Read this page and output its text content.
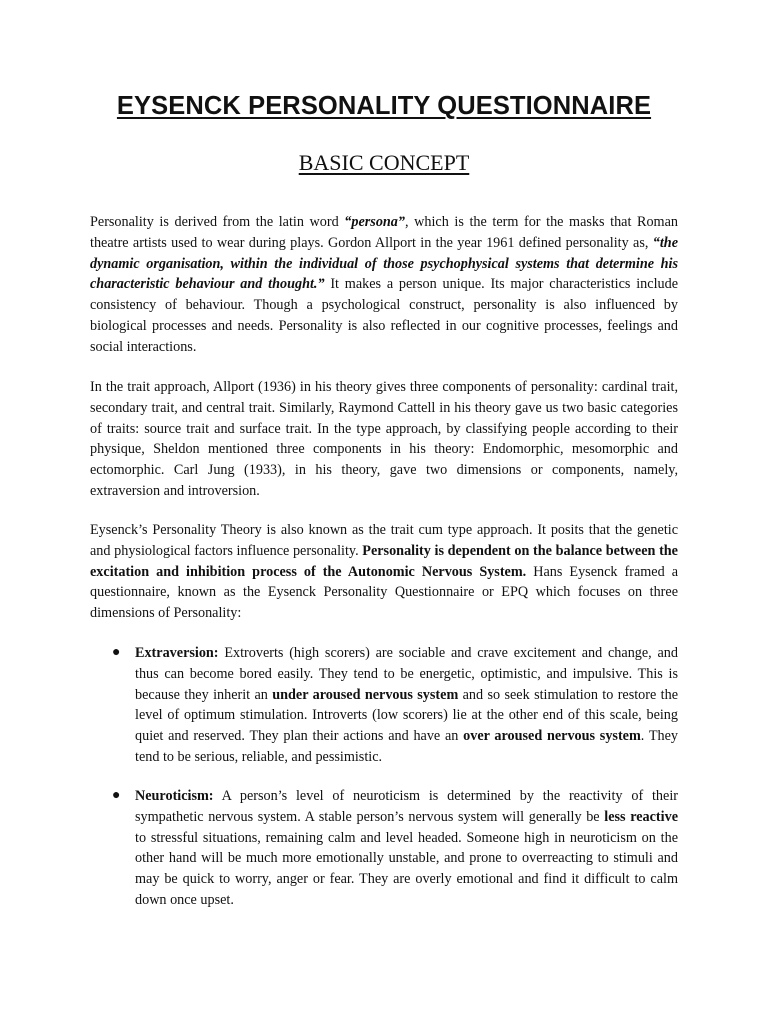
EYSENCK PERSONALITY QUESTIONNAIRE
BASIC CONCEPT

Personality is derived from the latin word “persona”, which is the term for the masks that Roman theatre artists used to wear during plays. Gordon Allport in the year 1961 defined personality as, “the dynamic organisation, within the individual of those psychophysical systems that determine his characteristic behaviour and thought.” It makes a person unique. Its major characteristics include consistency of behaviour. Though a psychological construct, personality is also influenced by biological processes and needs. Personality is also reflected in our cognitive processes, feelings and social interactions.

In the trait approach, Allport (1936) in his theory gives three components of personality: cardinal trait, secondary trait, and central trait. Similarly, Raymond Cattell in his theory gave us two basic categories of traits: source trait and surface trait. In the type approach, by classifying people according to their physique, Sheldon mentioned three components in his theory: Endomorphic, mesomorphic and ectomorphic. Carl Jung (1933), in his theory, gave two dimensions or components, namely, extraversion and introversion.

Eysenck’s Personality Theory is also known as the trait cum type approach. It posits that the genetic and physiological factors influence personality. Personality is dependent on the balance between the excitation and inhibition process of the Autonomic Nervous System. Hans Eysenck framed a questionnaire, known as the Eysenck Personality Questionnaire or EPQ which focuses on three dimensions of Personality:

● Extraversion: Extroverts (high scorers) are sociable and crave excitement and change, and thus can become bored easily. They tend to be energetic, optimistic, and impulsive. This is because they inherit an under aroused nervous system and so seek stimulation to restore the level of optimum stimulation. Introverts (low scorers) lie at the other end of this scale, being quiet and reserved. They plan their actions and have an over aroused nervous system. They tend to be serious, reliable, and pessimistic.
● Neuroticism: A person’s level of neuroticism is determined by the reactivity of their sympathetic nervous system. A stable person’s nervous system will generally be less reactive to stressful situations, remaining calm and level headed. Someone high in neuroticism on the other hand will be much more emotionally unstable, and prone to overreacting to stimuli and may be quick to worry, anger or fear. They are overly emotional and find it difficult to calm down once upset.
